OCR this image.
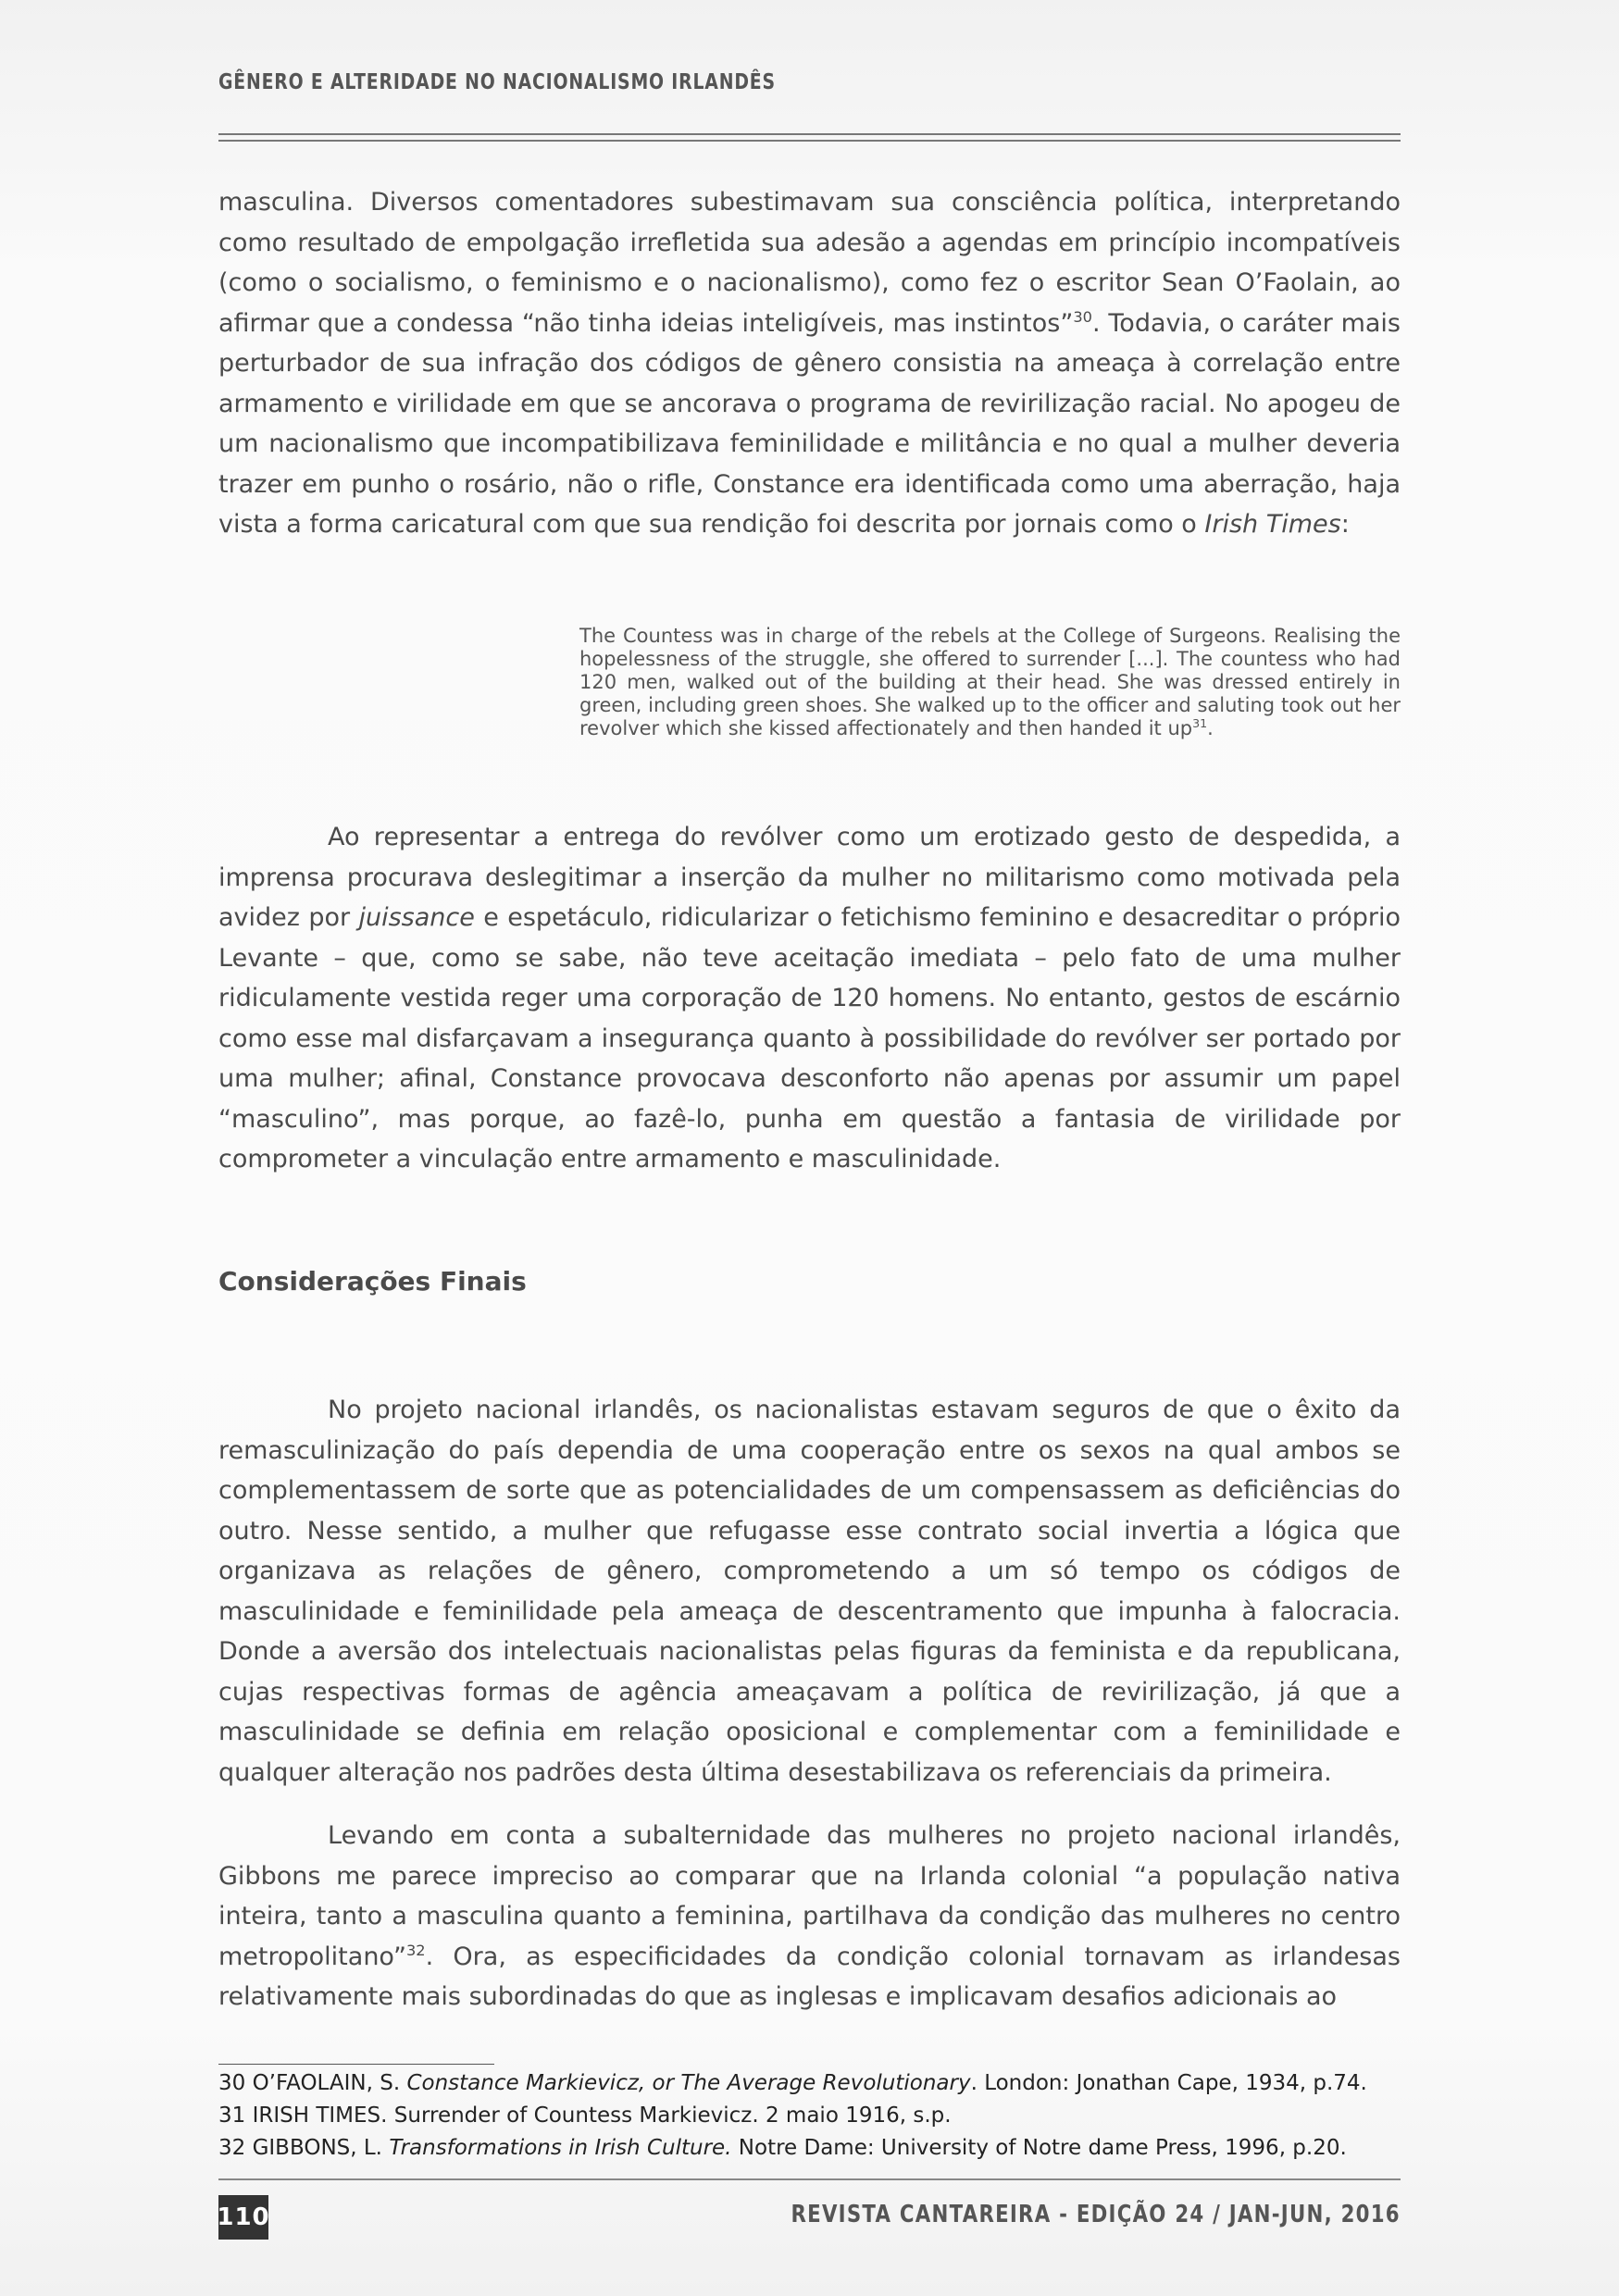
GÊNERO E ALTERIDADE NO NACIONALISMO IRLANDÊS

masculina. Diversos comentadores subestimavam sua consciência política, interpretando como resultado de empolgação irrefletida sua adesão a agendas em princípio incompatíveis (como o socialismo, o feminismo e o nacionalismo), como fez o escritor Sean O’Faolain, ao afirmar que a condessa “não tinha ideias inteligíveis, mas instintos”$^{30}$. Todavia, o caráter mais perturbador de sua infração dos códigos de gênero consistia na ameaça à correlação entre armamento e virilidade em que se ancorava o programa de revirilização racial. No apogeu de um nacionalismo que incompatibilizava feminilidade e militância e no qual a mulher deveria trazer em punho o rosário, não o rifle, Constance era identificada como uma aberração, haja vista a forma caricatural com que sua rendição foi descrita por jornais como o Irish Times:

The Countess was in charge of the rebels at the College of Surgeons. Realising the hopelessness of the struggle, she offered to surrender [...]. The countess who had 120 men, walked out of the building at their head. She was dressed entirely in green, including green shoes. She walked up to the officer and saluting took out her revolver which she kissed affectionately and then handed it $up^{31}$.

Ao representar a entrega do revólver como um erotizado gesto de despedida, a imprensa procurava deslegitimar a inserção da mulher no militarismo como motivada pela avidez por juissance e espetáculo, ridicularizar o fetichismo feminino e desacreditar o próprio Levante – que, como se sabe, não teve aceitação imediata – pelo fato de uma mulher ridiculamente vestida reger uma corporação de 120 homens. No entanto, gestos de escárnio como esse mal disfarçavam a insegurança quanto à possibilidade do revólver ser portado por uma mulher; afinal, Constance provocava desconforto não apenas por assumir um papel “masculino”, mas porque, ao fazê-lo, punha em questão a fantasia de virilidade por comprometer a vinculação entre armamento e masculinidade.

Considerações Finais

No projeto nacional irlandês, os nacionalistas estavam seguros de que o êxito da remasculinização do país dependia de uma cooperação entre os sexos na qual ambos se complementassem de sorte que as potencialidades de um compensassem as deficiências do outro. Nesse sentido, a mulher que refugasse esse contrato social invertia a lógica que organizava as relações de gênero, comprometendo a um só tempo os códigos de masculinidade e feminilidade pela ameaça de descentramento que impunha à falocracia. Donde a aversão dos intelectuais nacionalistas pelas figuras da feminista e da republicana, cujas respectivas formas de agência ameaçavam a política de revirilização, já que a masculinidade se definia em relação oposicional e complementar com a feminilidade e qualquer alteração nos padrões desta última desestabilizava os referenciais da primeira.

Levando em conta a subalternidade das mulheres no projeto nacional irlandês, Gibbons me parece impreciso ao comparar que na Irlanda colonial “a população nativa inteira, tanto a masculina quanto a feminina, partilhava da condição das mulheres no centro metropolitano”$^{32}$. Ora, as especificidades da condição colonial tornavam as irlandesas relativamente mais subordinadas do que as inglesas e implicavam desafios adicionais ao

30 O’FAOLAIN, S. Constance Markievicz, or The Average Revolutionary. London: Jonathan Cape, 1934, p.74.
31 IRISH TIMES. Surrender of Countess Markievicz. 2 maio 1916, s.p.
32 GIBBONS, L. Transformations in Irish Culture. Notre Dame: University of Notre dame Press, 1996, p.20.
110	REVISTA CANTAREIRA - EDIÇÃO 24 / JAN-JUN, 2016
